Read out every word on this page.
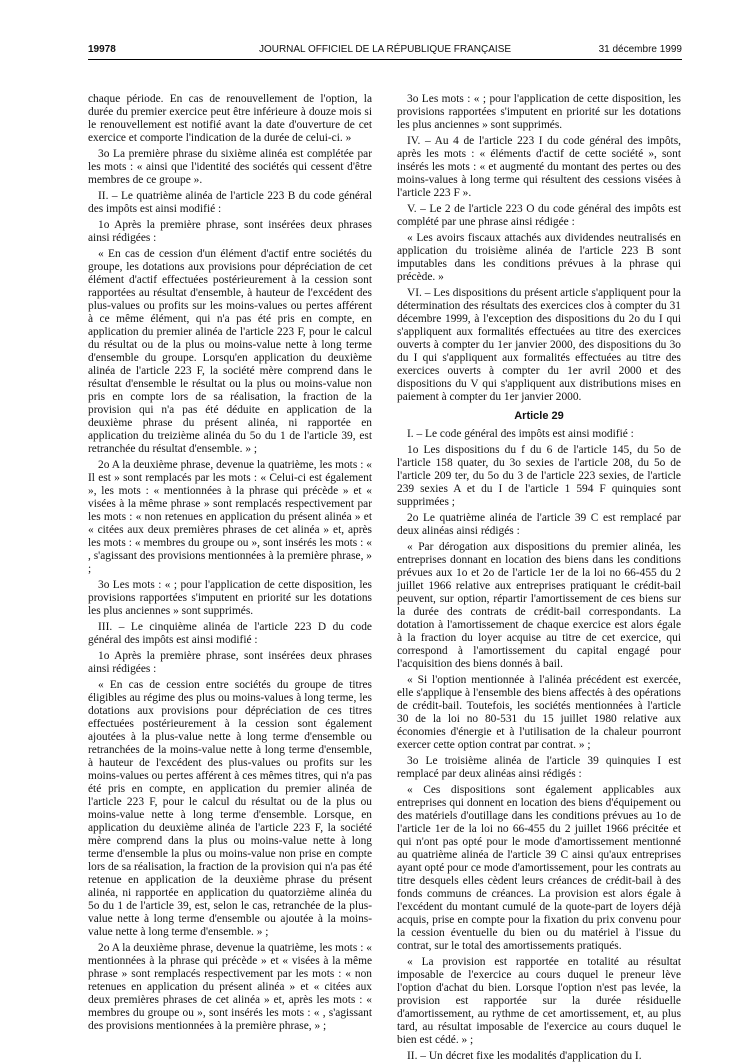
19978	JOURNAL OFFICIEL DE LA RÉPUBLIQUE FRANÇAISE	31 décembre 1999

chaque période. En cas de renouvellement de l'option, la durée du premier exercice peut être inférieure à douze mois si le renouvellement est notifié avant la date d'ouverture de cet exercice et comporte l'indication de la durée de celui-ci. »

3o La première phrase du sixième alinéa est complétée par les mots : « ainsi que l'identité des sociétés qui cessent d'être membres de ce groupe ».

II. – Le quatrième alinéa de l'article 223 B du code général des impôts est ainsi modifié :

1o Après la première phrase, sont insérées deux phrases ainsi rédigées :

« En cas de cession d'un élément d'actif entre sociétés du groupe, les dotations aux provisions pour dépréciation de cet élément d'actif effectuées postérieurement à la cession sont rapportées au résultat d'ensemble, à hauteur de l'excédent des plus-values ou profits sur les moins-values ou pertes afférent à ce même élément, qui n'a pas été pris en compte, en application du premier alinéa de l'article 223 F, pour le calcul du résultat ou de la plus ou moins-value nette à long terme d'ensemble du groupe. Lorsqu'en application du deuxième alinéa de l'article 223 F, la société mère comprend dans le résultat d'ensemble le résultat ou la plus ou moins-value non pris en compte lors de sa réalisation, la fraction de la provision qui n'a pas été déduite en application de la deuxième phrase du présent alinéa, ni rapportée en application du treizième alinéa du 5o du 1 de l'article 39, est retranchée du résultat d'ensemble. » ;

2o A la deuxième phrase, devenue la quatrième, les mots : « Il est » sont remplacés par les mots : « Celui-ci est également », les mots : « mentionnées à la phrase qui précède » et « visées à la même phrase » sont remplacés respectivement par les mots : « non retenues en application du présent alinéa » et « citées aux deux premières phrases de cet alinéa » et, après les mots : « membres du groupe ou », sont insérés les mots : « , s'agissant des provisions mentionnées à la première phrase, » ;

3o Les mots : « ; pour l'application de cette disposition, les provisions rapportées s'imputent en priorité sur les dotations les plus anciennes » sont supprimés.

III. – Le cinquième alinéa de l'article 223 D du code général des impôts est ainsi modifié :

1o Après la première phrase, sont insérées deux phrases ainsi rédigées :

« En cas de cession entre sociétés du groupe de titres éligibles au régime des plus ou moins-values à long terme, les dotations aux provisions pour dépréciation de ces titres effectuées postérieurement à la cession sont également ajoutées à la plus-value nette à long terme d'ensemble ou retranchées de la moins-value nette à long terme d'ensemble, à hauteur de l'excédent des plus-values ou profits sur les moins-values ou pertes afférent à ces mêmes titres, qui n'a pas été pris en compte, en application du premier alinéa de l'article 223 F, pour le calcul du résultat ou de la plus ou moins-value nette à long terme d'ensemble. Lorsque, en application du deuxième alinéa de l'article 223 F, la société mère comprend dans la plus ou moins-value nette à long terme d'ensemble la plus ou moins-value non prise en compte lors de sa réalisation, la fraction de la provision qui n'a pas été retenue en application de la deuxième phrase du présent alinéa, ni rapportée en application du quatorzième alinéa du 5o du 1 de l'article 39, est, selon le cas, retranchée de la plus-value nette à long terme d'ensemble ou ajoutée à la moins-value nette à long terme d'ensemble. » ;

2o A la deuxième phrase, devenue la quatrième, les mots : « mentionnées à la phrase qui précède » et « visées à la même phrase » sont remplacés respectivement par les mots : « non retenues en application du présent alinéa » et « citées aux deux premières phrases de cet alinéa » et, après les mots : « membres du groupe ou », sont insérés les mots : « , s'agissant des provisions mentionnées à la première phrase, » ;

3o Les mots : « ; pour l'application de cette disposition, les provisions rapportées s'imputent en priorité sur les dotations les plus anciennes » sont supprimés.

IV. – Au 4 de l'article 223 I du code général des impôts, après les mots : « éléments d'actif de cette société », sont insérés les mots : « et augmenté du montant des pertes ou des moins-values à long terme qui résultent des cessions visées à l'article 223 F ».

V. – Le 2 de l'article 223 O du code général des impôts est complété par une phrase ainsi rédigée :

« Les avoirs fiscaux attachés aux dividendes neutralisés en application du troisième alinéa de l'article 223 B sont imputables dans les conditions prévues à la phrase qui précède. »

VI. – Les dispositions du présent article s'appliquent pour la détermination des résultats des exercices clos à compter du 31 décembre 1999, à l'exception des dispositions du 2o du I qui s'appliquent aux formalités effectuées au titre des exercices ouverts à compter du 1er janvier 2000, des dispositions du 3o du I qui s'appliquent aux formalités effectuées au titre des exercices ouverts à compter du 1er avril 2000 et des dispositions du V qui s'appliquent aux distributions mises en paiement à compter du 1er janvier 2000.

Article 29

I. – Le code général des impôts est ainsi modifié :

1o Les dispositions du f du 6 de l'article 145, du 5o de l'article 158 quater, du 3o sexies de l'article 208, du 5o de l'article 209 ter, du 5o du 3 de l'article 223 sexies, de l'article 239 sexies A et du I de l'article 1 594 F quinquies sont supprimées ;

2o Le quatrième alinéa de l'article 39 C est remplacé par deux alinéas ainsi rédigés :

« Par dérogation aux dispositions du premier alinéa, les entreprises donnant en location des biens dans les conditions prévues aux 1o et 2o de l'article 1er de la loi no 66-455 du 2 juillet 1966 relative aux entreprises pratiquant le crédit-bail peuvent, sur option, répartir l'amortissement de ces biens sur la durée des contrats de crédit-bail correspondants. La dotation à l'amortissement de chaque exercice est alors égale à la fraction du loyer acquise au titre de cet exercice, qui correspond à l'amortissement du capital engagé pour l'acquisition des biens donnés à bail.

« Si l'option mentionnée à l'alinéa précédent est exercée, elle s'applique à l'ensemble des biens affectés à des opérations de crédit-bail. Toutefois, les sociétés mentionnées à l'article 30 de la loi no 80-531 du 15 juillet 1980 relative aux économies d'énergie et à l'utilisation de la chaleur pourront exercer cette option contrat par contrat. » ;

3o Le troisième alinéa de l'article 39 quinquies I est remplacé par deux alinéas ainsi rédigés :

« Ces dispositions sont également applicables aux entreprises qui donnent en location des biens d'équipement ou des matériels d'outillage dans les conditions prévues au 1o de l'article 1er de la loi no 66-455 du 2 juillet 1966 précitée et qui n'ont pas opté pour le mode d'amortissement mentionné au quatrième alinéa de l'article 39 C ainsi qu'aux entreprises ayant opté pour ce mode d'amortissement, pour les contrats au titre desquels elles cèdent leurs créances de crédit-bail à des fonds communs de créances. La provision est alors égale à l'excédent du montant cumulé de la quote-part de loyers déjà acquis, prise en compte pour la fixation du prix convenu pour la cession éventuelle du bien ou du matériel à l'issue du contrat, sur le total des amortissements pratiqués.

« La provision est rapportée en totalité au résultat imposable de l'exercice au cours duquel le preneur lève l'option d'achat du bien. Lorsque l'option n'est pas levée, la provision est rapportée sur la durée résiduelle d'amortissement, au rythme de cet amortissement, et, au plus tard, au résultat imposable de l'exercice au cours duquel le bien est cédé. » ;

II. – Un décret fixe les modalités d'application du I.
